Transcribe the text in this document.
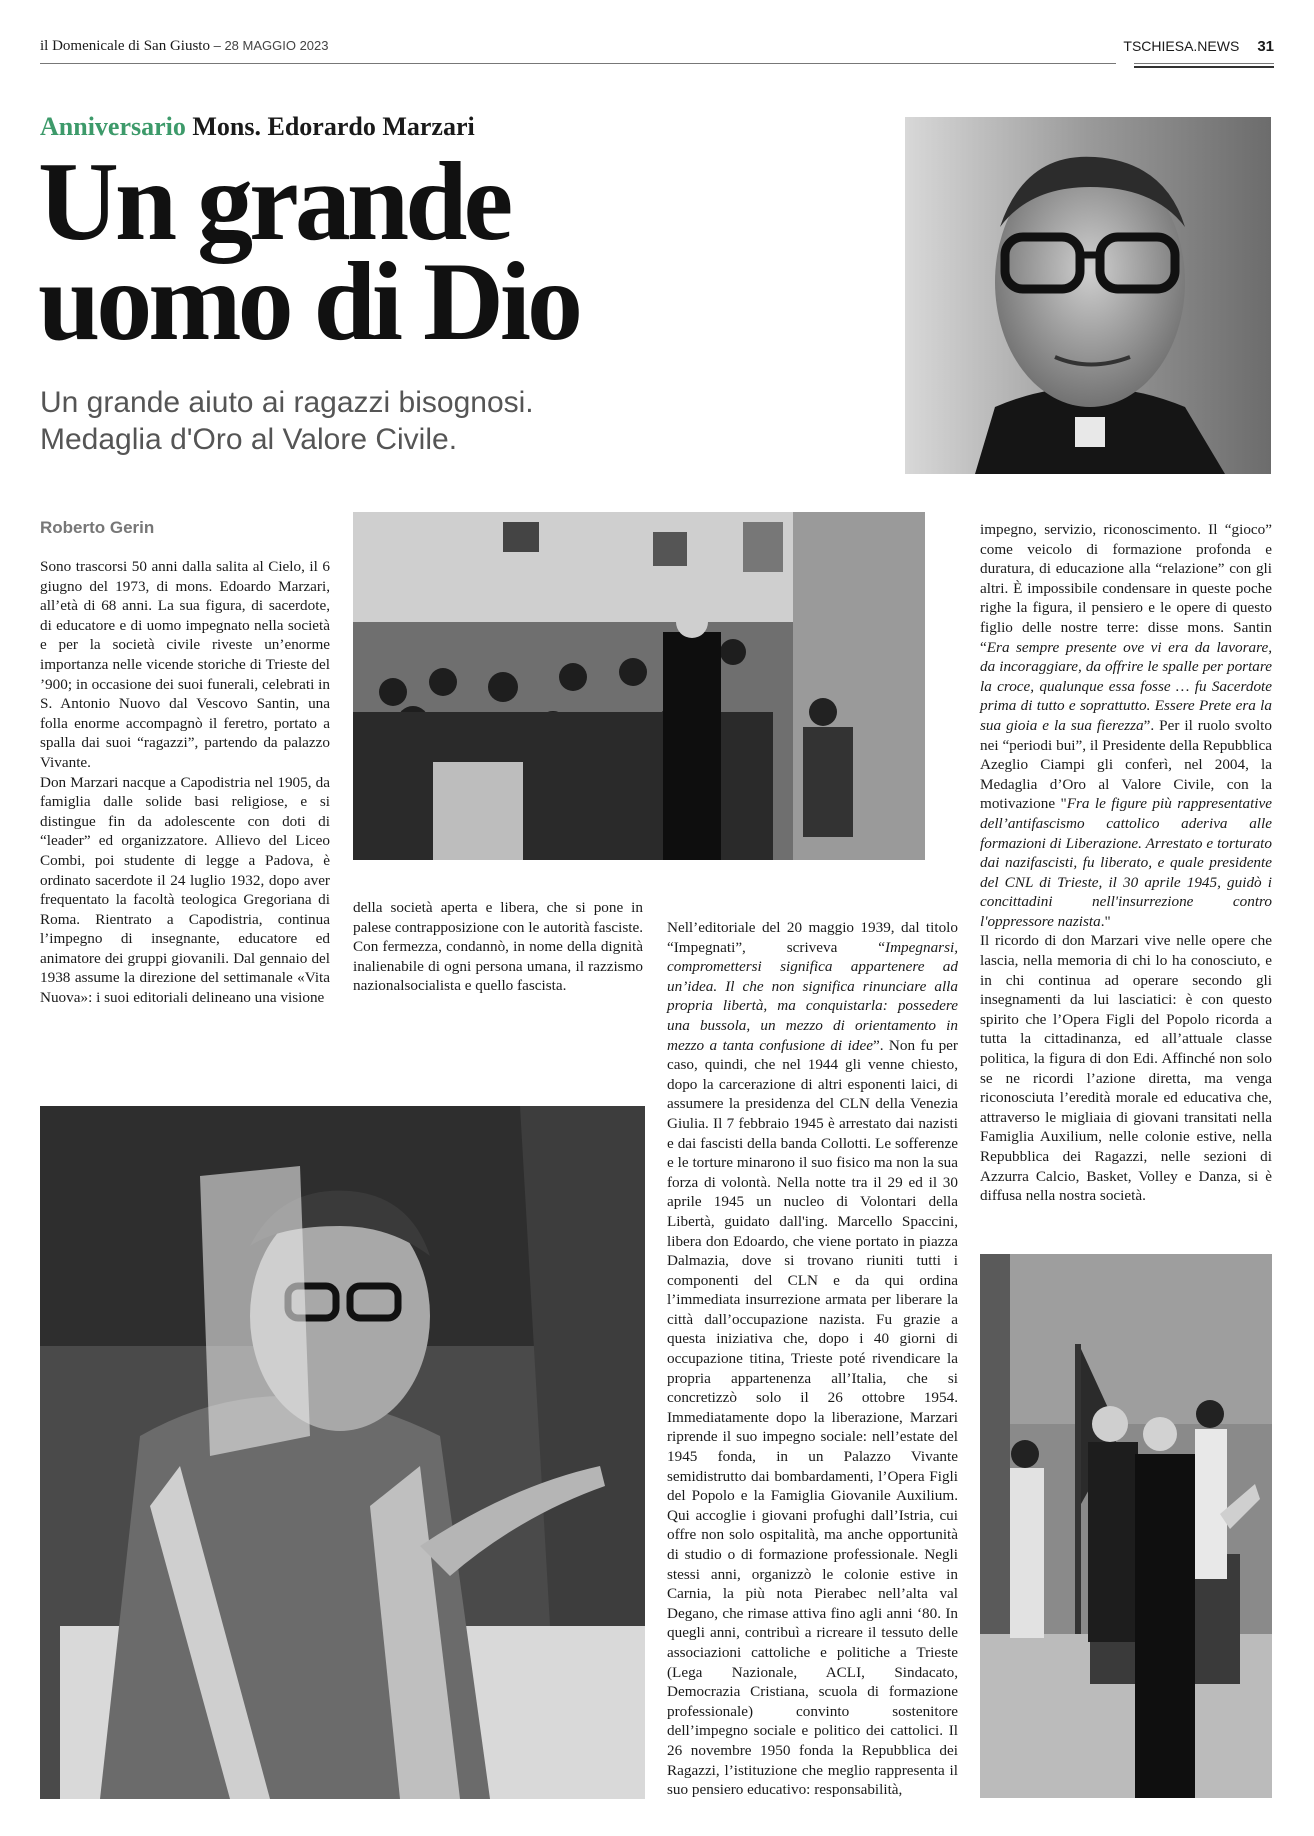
il Domenicale di San Giusto – 28 MAGGIO 2023	TSCHIESA.NEWS 31
Anniversario Mons. Edorardo Marzari
Un grande
uomo di Dio
Un grande aiuto ai ragazzi bisognosi.
Medaglia d'Oro al Valore Civile.
Roberto Gerin

Sono trascorsi 50 anni dalla salita al Cielo, il 6 giugno del 1973, di mons. Edoardo Marzari, all’età di 68 anni. La sua figura, di sacerdote, di educatore e di uomo impegnato nella società e per la società civile riveste un’enorme importanza nelle vicende storiche di Trieste del ’900; in occasione dei suoi funerali, celebrati in S. Antonio Nuovo dal Vescovo Santin, una folla enorme accompagnò il feretro, portato a spalla dai suoi “ragazzi”, partendo da palazzo Vivante.

Don Marzari nacque a Capodistria nel 1905, da famiglia dalle solide basi religiose, e si distingue fin da adolescente con doti di “leader” ed organizzatore. Allievo del Liceo Combi, poi studente di legge a Padova, è ordinato sacerdote il 24 luglio 1932, dopo aver frequentato la facoltà teologica Gregoriana di Roma. Rientrato a Capodistria, continua l’impegno di insegnante, educatore ed animatore dei gruppi giovanili. Dal gennaio del 1938 assume la direzione del settimanale «Vita Nuova»: i suoi editoriali delineano una visione

della società aperta e libera, che si pone in palese contrapposizione con le autorità fasciste. Con fermezza, condannò, in nome della dignità inalienabile di ogni persona umana, il razzismo nazionalsocialista e quello fascista.

Nell’editoriale del 20 maggio 1939, dal titolo “Impegnati”, scriveva “Impegnarsi, compromettersi significa appartenere ad un’idea. Il che non significa rinunciare alla propria libertà, ma conquistarla: possedere una bussola, un mezzo di orientamento in mezzo a tanta confusione di idee”. Non fu per caso, quindi, che nel 1944 gli venne chiesto, dopo la carcerazione di altri esponenti laici, di assumere la presidenza del CLN della Venezia Giulia. Il 7 febbraio 1945 è arrestato dai nazisti e dai fascisti della banda Collotti. Le sofferenze e le torture minarono il suo fisico ma non la sua forza di volontà. Nella notte tra il 29 ed il 30 aprile 1945 un nucleo di Volontari della Libertà, guidato dall'ing. Marcello Spaccini, libera don Edoardo, che viene portato in piazza Dalmazia, dove si trovano riuniti tutti i componenti del CLN e da qui ordina l’immediata insurrezione armata per liberare la città dall’occupazione nazista. Fu grazie a questa iniziativa che, dopo i 40 giorni di occupazione titina, Trieste poté rivendicare la propria appartenenza all’Italia, che si concretizzò solo il 26 ottobre 1954. Immediatamente dopo la liberazione, Marzari riprende il suo impegno sociale: nell’estate del 1945 fonda, in un Palazzo Vivante semidistrutto dai bombardamenti, l’Opera Figli del Popolo e la Famiglia Giovanile Auxilium. Qui accoglie i giovani profughi dall’Istria, cui offre non solo ospitalità, ma anche opportunità di studio o di formazione professionale. Negli stessi anni, organizzò le colonie estive in Carnia, la più nota Pierabec nell’alta val Degano, che rimase attiva fino agli anni ‘80. In quegli anni, contribuì a ricreare il tessuto delle associazioni cattoliche e politiche a Trieste (Lega Nazionale, ACLI, Sindacato, Democrazia Cristiana, scuola di formazione professionale) convinto sostenitore dell’impegno sociale e politico dei cattolici. Il 26 novembre 1950 fonda la Repubblica dei Ragazzi, l’istituzione che meglio rappresenta il suo pensiero educativo: responsabilità,

impegno, servizio, riconoscimento. Il “gioco” come veicolo di formazione profonda e duratura, di educazione alla “relazione” con gli altri. È impossibile condensare in queste poche righe la figura, il pensiero e le opere di questo figlio delle nostre terre: disse mons. Santin “Era sempre presente ove vi era da lavorare, da incoraggiare, da offrire le spalle per portare la croce, qualunque essa fosse … fu Sacerdote prima di tutto e soprattutto. Essere Prete era la sua gioia e la sua fierezza”. Per il ruolo svolto nei “periodi bui”, il Presidente della Repubblica Azeglio Ciampi gli conferì, nel 2004, la Medaglia d’Oro al Valore Civile, con la motivazione "Fra le figure più rappresentative dell’antifascismo cattolico aderiva alle formazioni di Liberazione. Arrestato e torturato dai nazifascisti, fu liberato, e quale presidente del CNL di Trieste, il 30 aprile 1945, guidò i concittadini nell'insurrezione contro l'oppressore nazista."

Il ricordo di don Marzari vive nelle opere che lascia, nella memoria di chi lo ha conosciuto, e in chi continua ad operare secondo gli insegnamenti da lui lasciatici: è con questo spirito che l’Opera Figli del Popolo ricorda a tutta la cittadinanza, ed all’attuale classe politica, la figura di don Edi. Affinché non solo se ne ricordi l’azione diretta, ma venga riconosciuta l’eredità morale ed educativa che, attraverso le migliaia di giovani transitati nella Famiglia Auxilium, nelle colonie estive, nella Repubblica dei Ragazzi, nelle sezioni di Azzurra Calcio, Basket, Volley e Danza, si è diffusa nella nostra società.
